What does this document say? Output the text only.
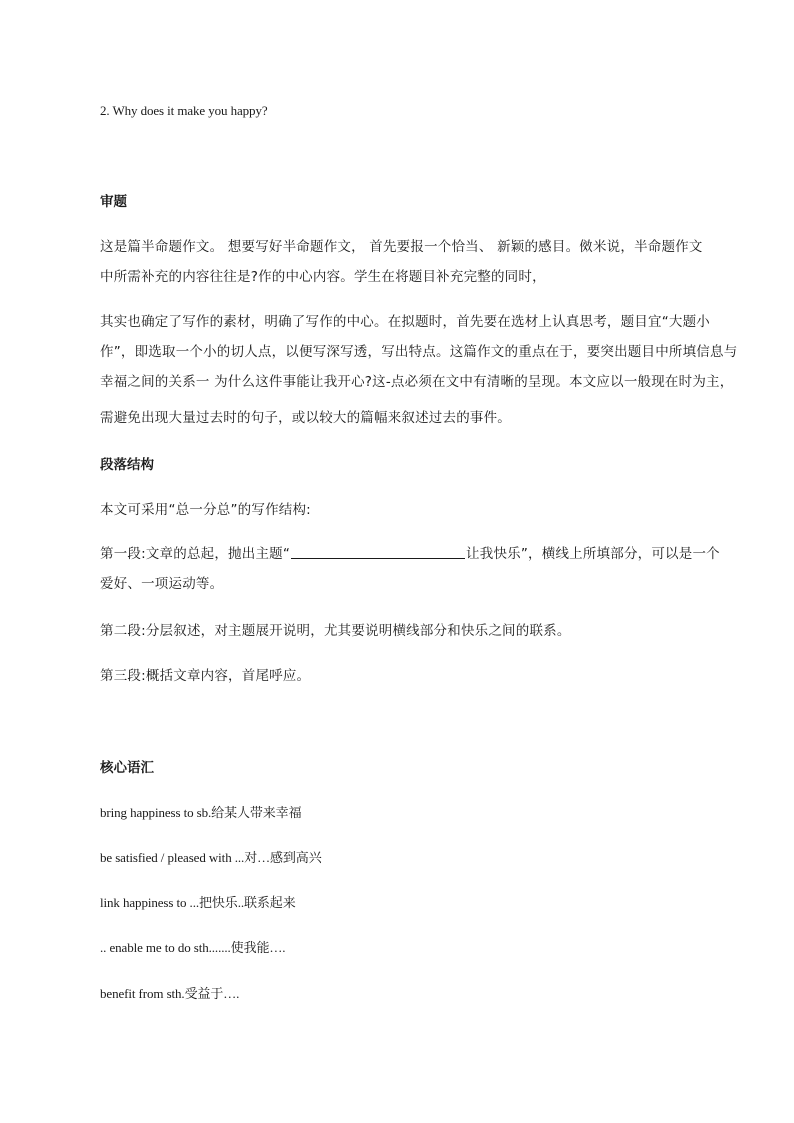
2. Why does it make you happy?
审题
这是篇半命题作文。 想要写好半命题作文， 首先要报一个恰当、 新颖的感目。傚米说，半命题作文
中所需补充的内容往往是?作的中心内容。学生在将题目补充完整的同时，
其实也确定了写作的素材，明确了写作的中心。在拟题时，首先要在选材上认真思考，题目宜“大题小
作”，即选取一个小的切人点，以便写深写透，写出特点。这篇作文的重点在于，要突出题目中所填信息与
幸福之间的关系一 为什么这件事能让我开心?这-点必须在文中有清晰的呈现。本文应以一般现在时为主，
需避免出现大量过去时的句子，或以较大的篇幅来叙述过去的事件。
段落结构
本文可采用“总一分总”的写作结构:
第一段:文章的总起，抛出主题“	让我快乐”，横线上所填部分，可以是一个
爱好、一项运动等。
第二段:分层叙述，对主题展开说明，尤其要说明横线部分和快乐之间的联系。
第三段:概括文章内容，首尾呼应。
核心语汇
bring happiness to sb.给某人带来幸福
be satisfied / pleased with ...对…感到高兴
link happiness to ...把快乐..联系起来
.. enable me to do sth.......使我能….
benefit from sth.受益于….
